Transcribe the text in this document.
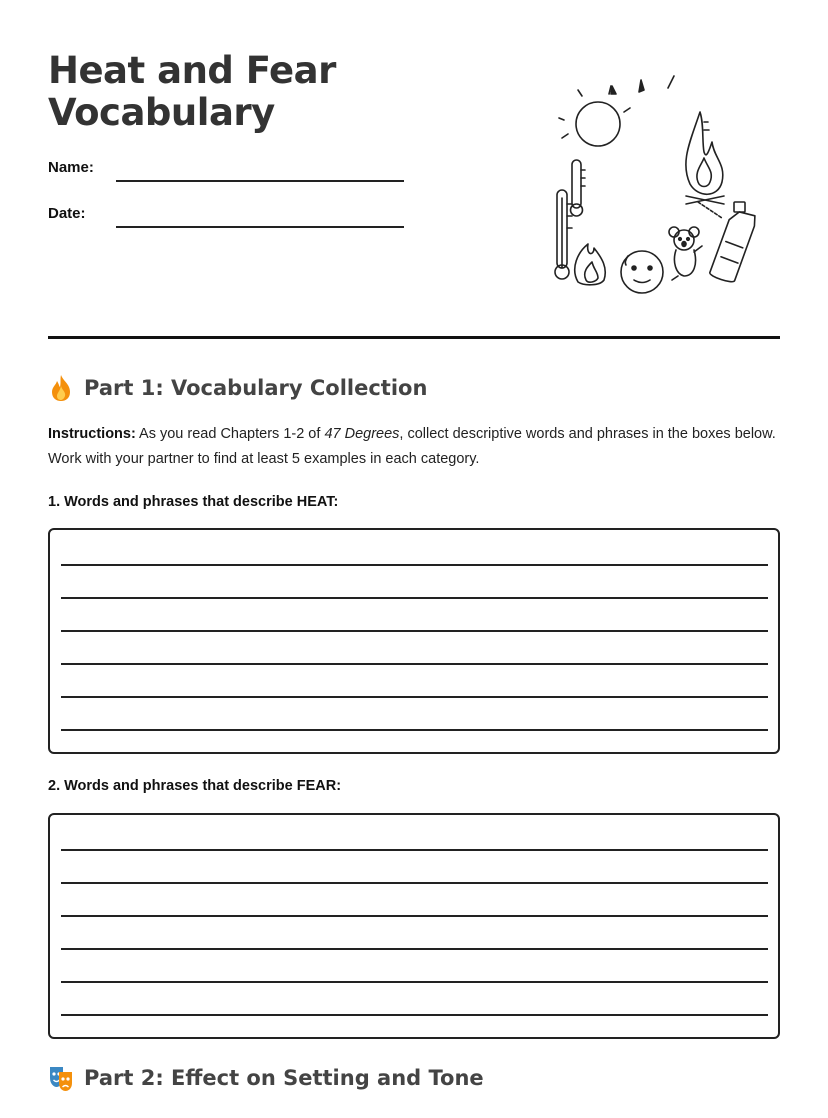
Heat and Fear Vocabulary
Name:
Date:
Part 1: Vocabulary Collection

Instructions: As you read Chapters 1-2 of 47 Degrees, collect descriptive words and phrases in the boxes below. Work with your partner to find at least 5 examples in each category.

1. Words and phrases that describe HEAT:
2. Words and phrases that describe FEAR:
Part 2: Effect on Setting and Tone
